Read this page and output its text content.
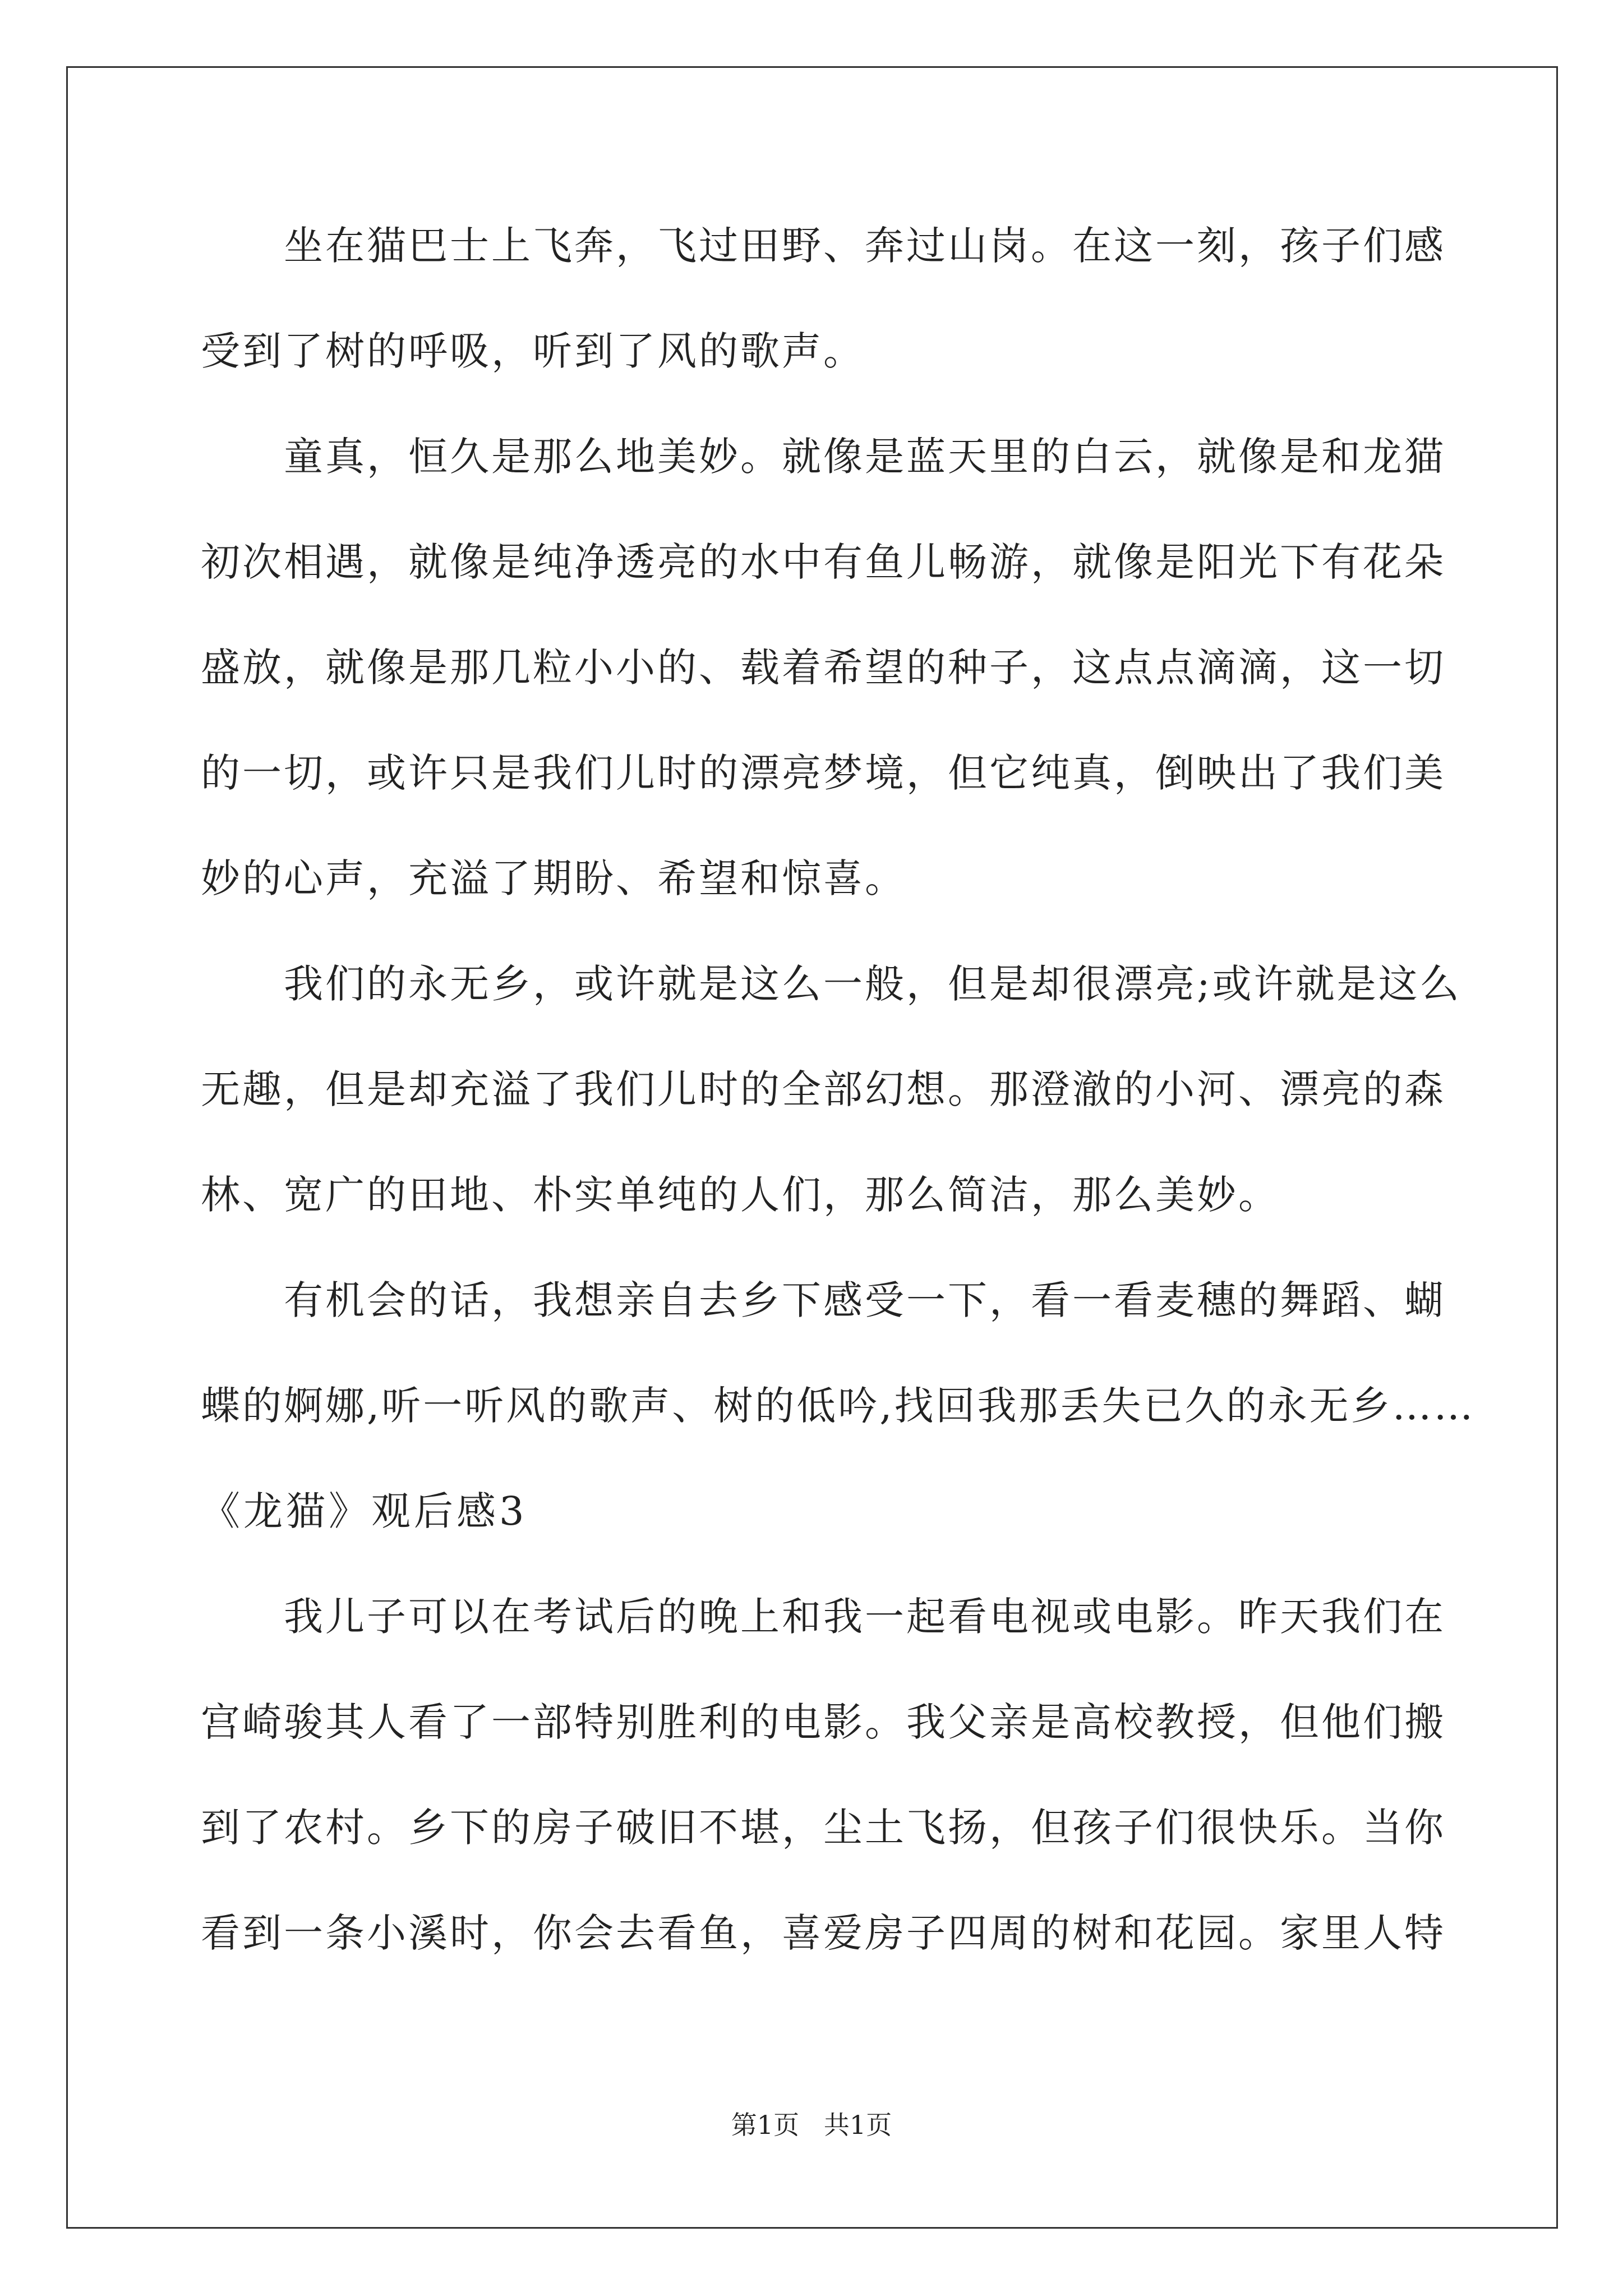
坐在猫巴士上飞奔，飞过田野、奔过山岗。在这一刻，孩子们感
受到了树的呼吸，听到了风的歌声。
童真，恒久是那么地美妙。就像是蓝天里的白云，就像是和龙猫
初次相遇，就像是纯净透亮的水中有鱼儿畅游，就像是阳光下有花朵
盛放，就像是那几粒小小的、载着希望的种子，这点点滴滴，这一切
的一切，或许只是我们儿时的漂亮梦境，但它纯真，倒映出了我们美
妙的心声，充溢了期盼、希望和惊喜。
我们的永无乡，或许就是这么一般，但是却很漂亮;或许就是这么
无趣，但是却充溢了我们儿时的全部幻想。那澄澈的小河、漂亮的森
林、宽广的田地、朴实单纯的人们，那么简洁，那么美妙。
有机会的话，我想亲自去乡下感受一下，看一看麦穗的舞蹈、蝴
蝶的婀娜,听一听风的歌声、树的低吟,找回我那丢失已久的永无乡……
《龙猫》观后感3
我儿子可以在考试后的晚上和我一起看电视或电影。昨天我们在
宫崎骏其人看了一部特别胜利的电影。我父亲是高校教授，但他们搬
到了农村。乡下的房子破旧不堪，尘土飞扬，但孩子们很快乐。当你
看到一条小溪时，你会去看鱼，喜爱房子四周的树和花园。家里人特
第1页   共1页
